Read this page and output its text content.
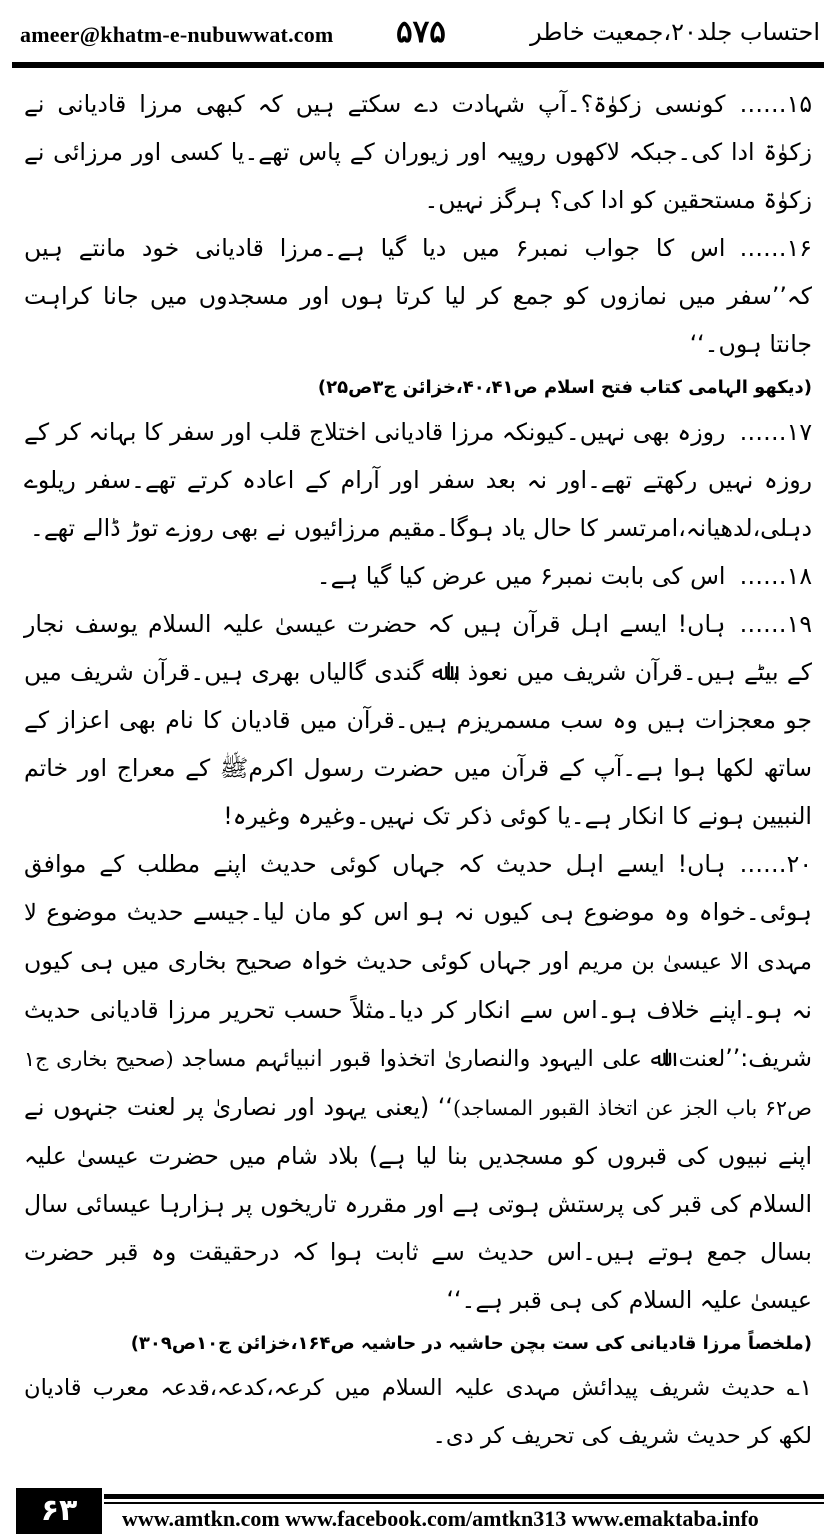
ameer@khatm-e-nubuwwat.com ۵۷۵	احتساب جلد۲۰،جمعیت خاطر

۱۵……کونسی زکوٰۃ؟۔آپ شہادت دے سکتے ہیں کہ کبھی مرزا قادیانی نے زکوٰۃ ادا کی۔جبکہ لاکھوں روپیہ اور زیوران کے پاس تھے۔یا کسی اور مرزائی نے زکوٰۃ مستحقین کو ادا کی؟ ہرگز نہیں۔

۱۶……اس کا جواب نمبر۶ میں دیا گیا ہے۔مرزا قادیانی خود مانتے ہیں کہ’’سفر میں نمازوں کو جمع کر لیا کرتا ہوں اور مسجدوں میں جانا کراہت جانتا ہوں۔‘‘

(دیکھو الہامی کتاب فتح اسلام ص۴۰،۴۱،خزائن ج۳ص۲۵)

۱۷……روزہ بھی نہیں۔کیونکہ مرزا قادیانی اختلاج قلب اور سفر کا بہانہ کر کے روزہ نہیں رکھتے تھے۔اور نہ بعد سفر اور آرام کے اعادہ کرتے تھے۔سفر ریلوے دہلی،لدھیانہ،امرتسر کا حال یاد ہوگا۔مقیم مرزائیوں نے بھی روزے توڑ ڈالے تھے۔

۱۸……اس کی بابت نمبر۶ میں عرض کیا گیا ہے۔

۱۹……ہاں! ایسے اہل قرآن ہیں کہ حضرت عیسیٰ علیہ السلام یوسف نجار کے بیٹے ہیں۔قرآن شریف میں نعوذ باﷲ گندی گالیاں بھری ہیں۔قرآن شریف میں جو معجزات ہیں وہ سب مسمریزم ہیں۔قرآن میں قادیان کا نام بھی اعزاز کے ساتھ لکھا ہوا ہے۔آپ کے قرآن میں حضرت رسول اکرمﷺ کے معراج اور خاتم النبیین ہونے کا انکار ہے۔یا کوئی ذکر تک نہیں۔وغیرہ وغیرہ!

۲۰……ہاں! ایسے اہل حدیث کہ جہاں کوئی حدیث اپنے مطلب کے موافق ہوئی۔خواہ وہ موضوع ہی کیوں نہ ہو اس کو مان لیا۔جیسے حدیث موضوع لا مہدی الا عیسیٰ بن مریم اور جہاں کوئی حدیث خواہ صحیح بخاری میں ہی کیوں نہ ہو۔اپنے خلاف ہو۔اس سے انکار کر دیا۔مثلاً حسب تحریر مرزا قادیانی حدیث شریف:’’لعنت اﷲ علی الیہود والنصاریٰ اتخذوا قبور انبیائہم مساجد (صحیح بخاری ج۱ ص۶۲ باب الجز عن اتخاذ القبور المساجد)‘‘ (یعنی یہود اور نصاریٰ پر لعنت جنہوں نے اپنے نبیوں کی قبروں کو مسجدیں بنا لیا ہے) بلاد شام میں حضرت عیسیٰ علیہ السلام کی قبر کی پرستش ہوتی ہے اور مقررہ تاریخوں پر ہزارہا عیسائی سال بسال جمع ہوتے ہیں۔اس حدیث سے ثابت ہوا کہ درحقیقت وہ قبر حضرت عیسیٰ علیہ السلام کی ہی قبر ہے۔‘‘

(ملخصاً مرزا قادیانی کی ست بچن حاشیہ در حاشیہ ص۱۶۴،خزائن ج۱۰ص۳۰۹)

۱؎ حدیث شریف پیدائش مہدی علیہ السلام میں کرعہ،کدعہ،قدعہ معرب قادیان لکھ کر حدیث شریف کی تحریف کر دی۔

۶۳	www.amtkn.com www.facebook.com/amtkn313 www.emaktaba.info
